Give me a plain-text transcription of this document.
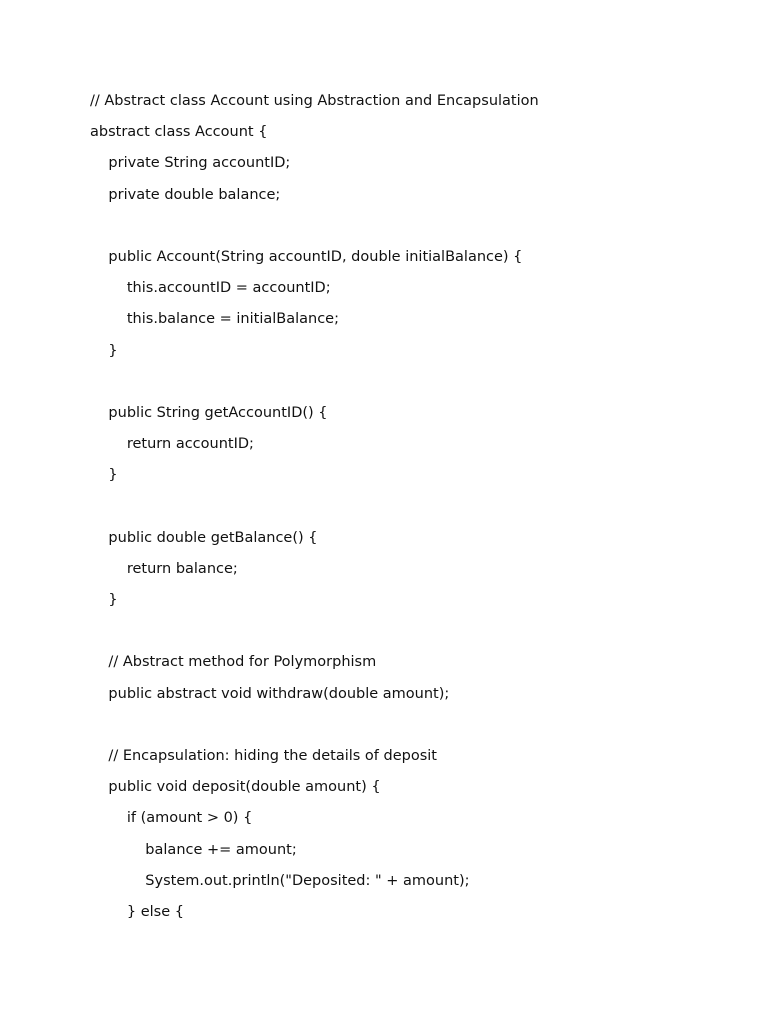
// Abstract class Account using Abstraction and Encapsulation
abstract class Account {
private String accountID;
private double balance;
public Account(String accountID, double initialBalance) {
this.accountID = accountID;
this.balance = initialBalance;
}
public String getAccountID() {
return accountID;
}
public double getBalance() {
return balance;
}
// Abstract method for Polymorphism
public abstract void withdraw(double amount);
// Encapsulation: hiding the details of deposit
public void deposit(double amount) {
if (amount > 0) {
balance += amount;
System.out.println("Deposited: " + amount);
} else {
